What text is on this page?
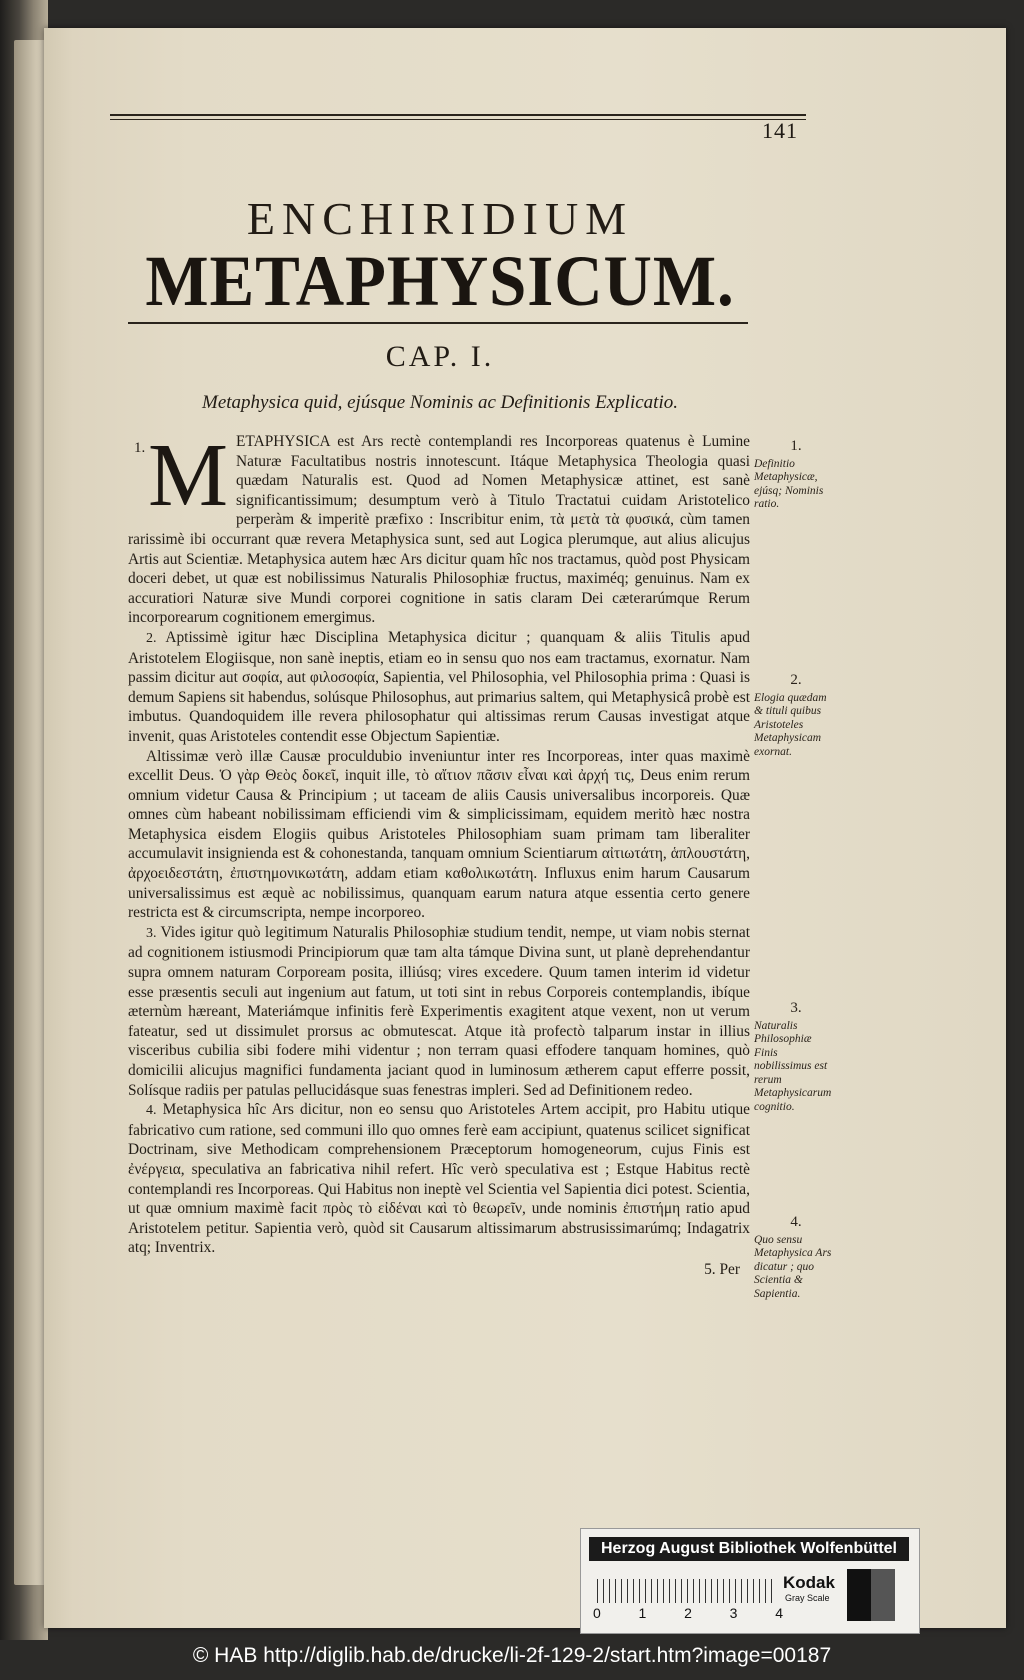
141
ENCHIRIDIUM
METAPHYSICUM.
CAP. I.
Metaphysica quid, ejúsque Nominis ac Definitionis Explicatio.
1. METAPHYSICA est Ars rectè contemplandi res Incorporeas quatenus è Lumine Naturæ Facultatibus nostris innotescunt. Itáque Metaphysica Theologia quasi quædam Naturalis est. Quod ad Nomen Metaphysicæ attinet, est sanè significantissimum; desumptum verò à Titulo Tractatui cuidam Aristotelico perperàm & imperitè præfixo : Inscribitur enim, τὰ μετὰ τὰ φυσικά, cùm tamen rarissimè ibi occurrant quæ revera Metaphysica sunt, sed aut Logica plerumque, aut alius alicujus Artis aut Scientiæ. Metaphysica autem hæc Ars dicitur quam hîc nos tractamus, quòd post Physicam doceri debet, ut quæ est nobilissimus Naturalis Philosophiæ fructus, maximéq; genuinus. Nam ex accuratiori Naturæ sive Mundi corporei cognitione in satis claram Dei cæterarúmque Rerum incorporearum cognitionem emergimus.

2. Aptissimè igitur hæc Disciplina Metaphysica dicitur ; quanquam & aliis Titulis apud Aristotelem Elogiisque, non sanè ineptis, etiam eo in sensu quo nos eam tractamus, exornatur. Nam passim dicitur aut σοφία, aut φιλοσοφία, Sapientia, vel Philosophia, vel Philosophia prima : Quasi is demum Sapiens sit habendus, solúsque Philosophus, aut primarius saltem, qui Metaphysicâ probè est imbutus. Quandoquidem ille revera philosophatur qui altissimas rerum Causas investigat atque invenit, quas Aristoteles contendit esse Objectum Sapientiæ.

Altissimæ verò illæ Causæ proculdubio inveniuntur inter res Incorporeas, inter quas maximè excellit Deus. Ὁ γὰρ Θεὸς δοκεῖ, inquit ille, τὸ αἴτιον πᾶσιν εἶναι καὶ ἀρχή τις, Deus enim rerum omnium videtur Causa & Principium ; ut taceam de aliis Causis universalibus incorporeis. Quæ omnes cùm habeant nobilissimam efficiendi vim & simplicissimam, equidem meritò hæc nostra Metaphysica eisdem Elogiis quibus Aristoteles Philosophiam suam primam tam liberaliter accumulavit insignienda est & cohonestanda, tanquam omnium Scientiarum αἰτιωτάτη, ἁπλουστάτη, ἀρχοειδεστάτη, ἐπιστημονικωτάτη, addam etiam καθολικωτάτη. Influxus enim harum Causarum universalissimus est æquè ac nobilissimus, quanquam earum natura atque essentia certo genere restricta est & circumscripta, nempe incorporeo.

3. Vides igitur quò legitimum Naturalis Philosophiæ studium tendit, nempe, ut viam nobis sternat ad cognitionem istiusmodi Principiorum quæ tam alta támque Divina sunt, ut planè deprehendantur supra omnem naturam Corpoream posita, illiúsq; vires excedere. Quum tamen interim id videtur esse præsentis seculi aut ingenium aut fatum, ut toti sint in rebus Corporeis contemplandis, ibíque æternùm hæreant, Materiámque infinitis ferè Experimentis exagitent atque vexent, non ut verum fateatur, sed ut dissimulet prorsus ac obmutescat. Atque ità profectò talparum instar in illius visceribus cubilia sibi fodere mihi videntur ; non terram quasi effodere tanquam homines, quò domicilii alicujus magnifici fundamenta jaciant quod in luminosum ætherem caput efferre possit, Solísque radiis per patulas pellucidásque suas fenestras impleri. Sed ad Definitionem redeo.

4. Metaphysica hîc Ars dicitur, non eo sensu quo Aristoteles Artem accipit, pro Habitu utique fabricativo cum ratione, sed communi illo quo omnes ferè eam accipiunt, quatenus scilicet significat Doctrinam, sive Methodicam comprehensionem Præceptorum homogeneorum, cujus Finis est ἐνέργεια, speculativa an fabricativa nihil refert. Hîc verò speculativa est ; Estque Habitus rectè contemplandi res Incorporeas. Qui Habitus non ineptè vel Scientia vel Sapientia dici potest. Scientia, ut quæ omnium maximè facit πρὸς τὸ εἰδέναι καὶ τὸ θεωρεῖν, unde nominis ἐπιστήμη ratio apud Aristotelem petitur. Sapientia verò, quòd sit Causarum altissimarum abstrusissimarúmq; Indagatrix atq; Inventrix.

5. Per
1.
Definitio Metaphysicæ, ejúsq; Nominis ratio.
2.
Elogia quædam & tituli quibus Aristoteles Metaphysicam exornat.
3.
Naturalis Philosophiæ Finis nobilissimus est rerum Metaphysicarum cognitio.
4.
Quo sensu Metaphysica Ars dicatur ; quo Scientia & Sapientia.
Herzog August Bibliothek Wolfenbüttel
0	1	2	3	4
Kodak
Gray Scale
© HAB http://diglib.hab.de/drucke/li-2f-129-2/start.htm?image=00187
